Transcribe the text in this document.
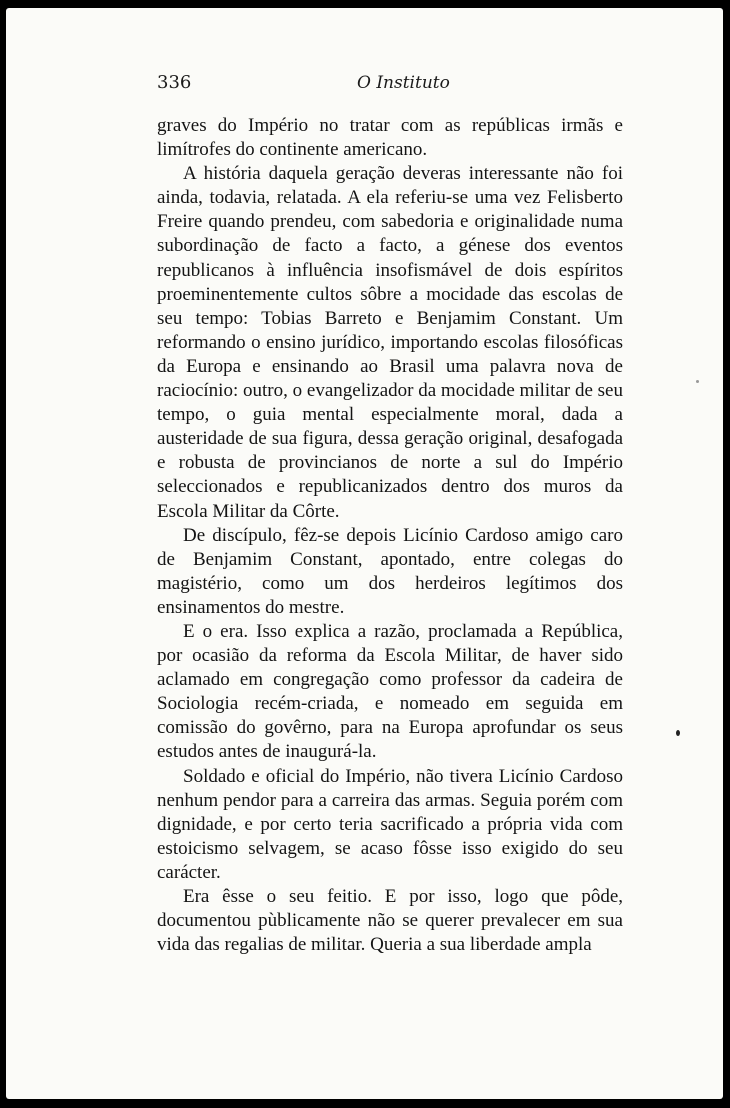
336	O Instituto

graves do Império no tratar com as repúblicas irmãs e limítrofes do continente americano.

A história daquela geração deveras interessante não foi ainda, todavia, relatada. A ela referiu-se uma vez Felisberto Freire quando prendeu, com sabedoria e originalidade numa subordinação de facto a facto, a génese dos eventos republicanos à influência insofismável de dois espíritos proeminentemente cultos sôbre a mocidade das escolas de seu tempo: Tobias Barreto e Benjamim Constant. Um reformando o ensino jurídico, importando escolas filosóficas da Europa e ensinando ao Brasil uma palavra nova de raciocínio: outro, o evangelizador da mocidade militar de seu tempo, o guia mental especialmente moral, dada a austeridade de sua figura, dessa geração original, desafogada e robusta de provincianos de norte a sul do Império seleccionados e republicanizados dentro dos muros da Escola Militar da Côrte.

De discípulo, fêz-se depois Licínio Cardoso amigo caro de Benjamim Constant, apontado, entre colegas do magistério, como um dos herdeiros legítimos dos ensinamentos do mestre.

E o era. Isso explica a razão, proclamada a República, por ocasião da reforma da Escola Militar, de haver sido aclamado em congregação como professor da cadeira de Sociologia recém-criada, e nomeado em seguida em comissão do govêrno, para na Europa aprofundar os seus estudos antes de inaugurá-la.

Soldado e oficial do Império, não tivera Licínio Cardoso nenhum pendor para a carreira das armas. Seguia porém com dignidade, e por certo teria sacrificado a própria vida com estoicismo selvagem, se acaso fôsse isso exigido do seu carácter.

Era êsse o seu feitio. E por isso, logo que pôde, documentou pùblicamente não se querer prevalecer em sua vida das regalias de militar. Queria a sua liberdade ampla
